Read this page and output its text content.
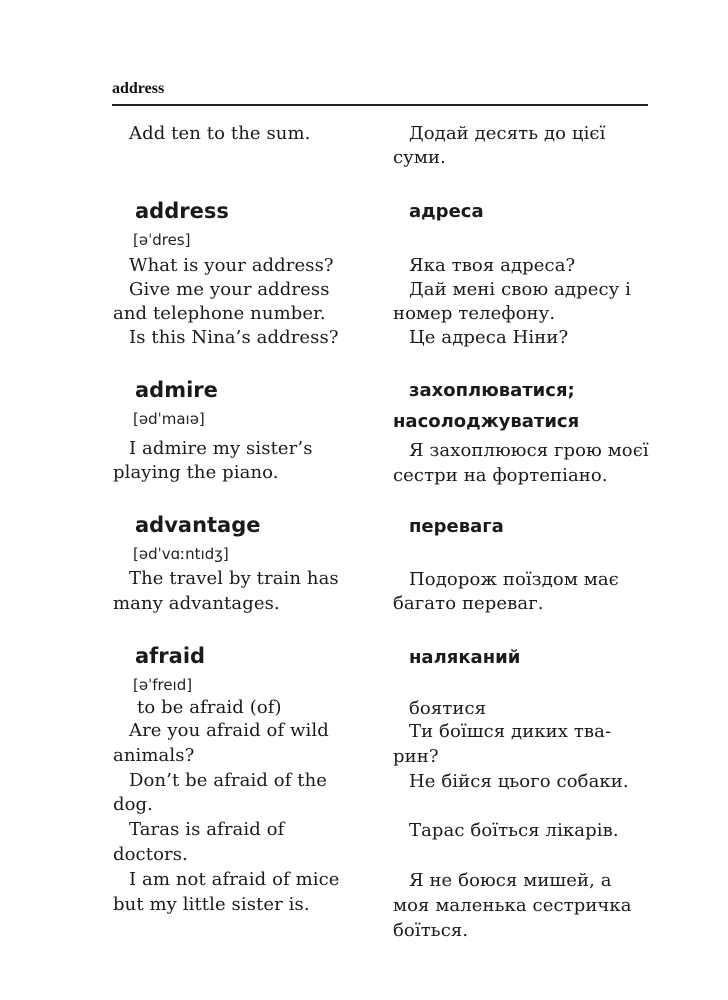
address
Add ten to the sum.
address
[əˈdres]
What is your address?
Give me your address
and telephone number.
Is this Nina’s address?
admire
[ədˈmaıə]
I admire my sister’s
playing the piano.
advantage
[ədˈvɑːntıdʒ]
The travel by train has
many advantages.
afraid
[əˈfreıd]
to be afraid (of)
Are you afraid of wild
animals?
Don’t be afraid of the
dog.
Taras is afraid of
doctors.
I am not afraid of mice
but my little sister is.
Додай десять до цієї
суми.
адреса
Яка твоя адреса?
Дай мені свою адресу і
номер телефону.
Це адреса Ніни?
захоплюватися;
насолоджуватися
Я захоплююся грою моєї
сестри на фортепіано.
перевага
Подорож поїздом має
багато переваг.
наляканий
боятися
Ти боїшся диких тва-
рин?
Не бійся цього собаки.
Тарас боїться лікарів.
Я не боюся мишей, а
моя маленька сестричка
боїться.
